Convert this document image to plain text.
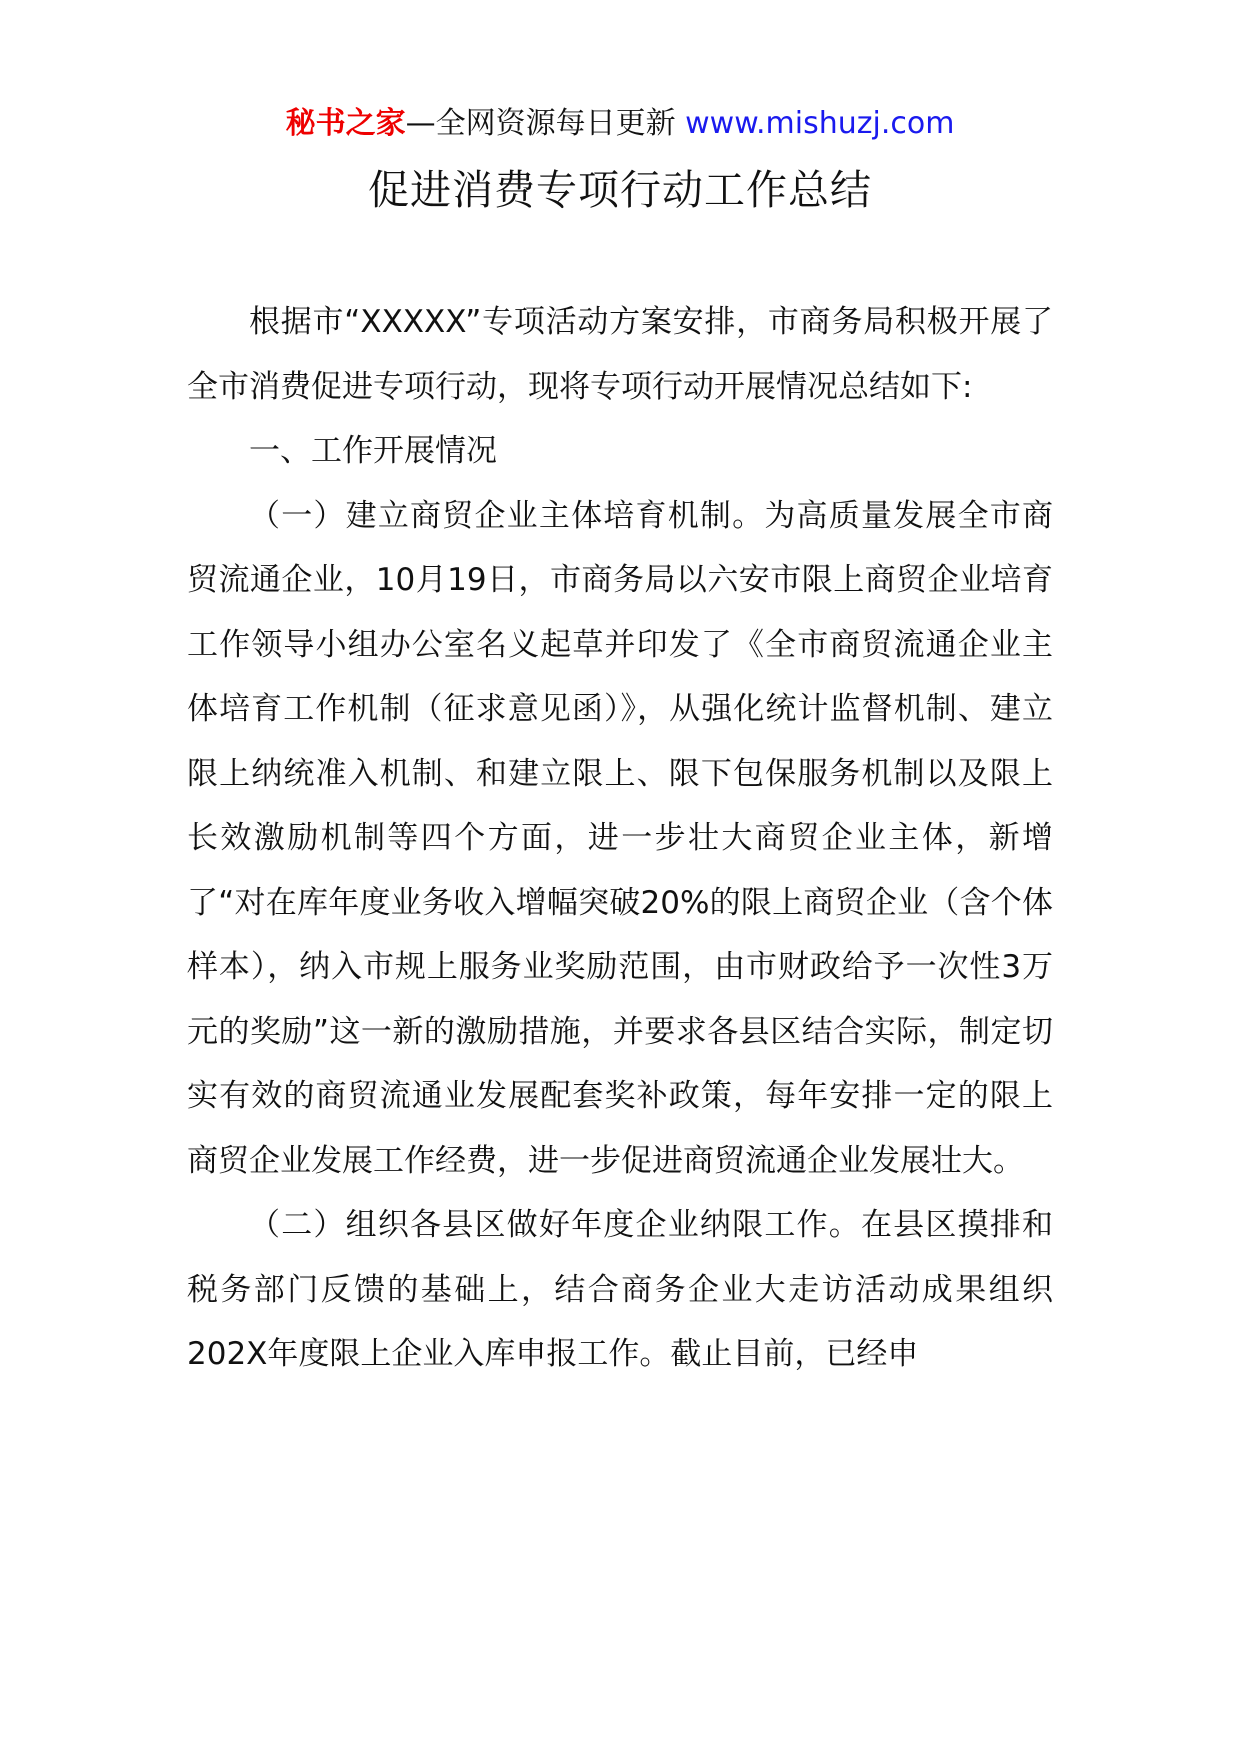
秘书之家—全网资源每日更新 www.mishuzj.com
促进消费专项行动工作总结

根据市“XXXXX”专项活动方案安排，市商务局积极开展了全市消费促进专项行动，现将专项行动开展情况总结如下:

一、工作开展情况

（一）建立商贸企业主体培育机制。为高质量发展全市商贸流通企业，10月19日，市商务局以六安市限上商贸企业培育工作领导小组办公室名义起草并印发了《全市商贸流通企业主体培育工作机制（征求意见函）》，从强化统计监督机制、建立限上纳统准入机制、和建立限上、限下包保服务机制以及限上长效激励机制等四个方面，进一步壮大商贸企业主体，新增了“对在库年度业务收入增幅突破20%的限上商贸企业（含个体样本），纳入市规上服务业奖励范围，由市财政给予一次性3万元的奖励”这一新的激励措施，并要求各县区结合实际，制定切实有效的商贸流通业发展配套奖补政策，每年安排一定的限上商贸企业发展工作经费，进一步促进商贸流通企业发展壮大。

（二）组织各县区做好年度企业纳限工作。在县区摸排和税务部门反馈的基础上，结合商务企业大走访活动成果组织202X年度限上企业入库申报工作。截止目前，已经申
